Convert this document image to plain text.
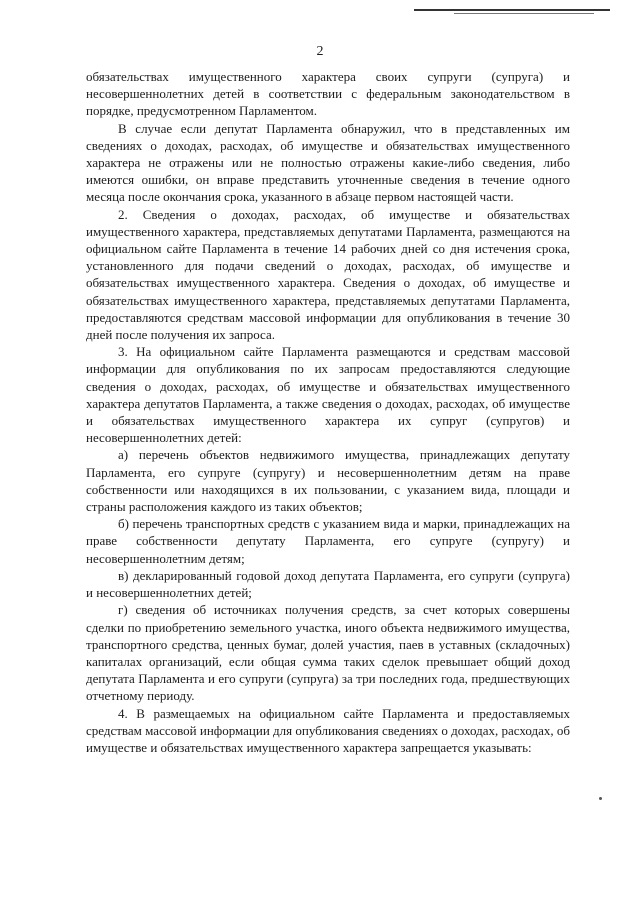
2

обязательствах имущественного характера своих супруги (супруга) и несовершеннолетних детей в соответствии с федеральным законодательством в порядке, предусмотренном Парламентом.

В случае если депутат Парламента обнаружил, что в представленных им сведениях о доходах, расходах, об имуществе и обязательствах имущественного характера не отражены или не полностью отражены какие-либо сведения, либо имеются ошибки, он вправе представить уточненные сведения в течение одного месяца после окончания срока, указанного в абзаце первом настоящей части.

2. Сведения о доходах, расходах, об имуществе и обязательствах имущественного характера, представляемых депутатами Парламента, размещаются на официальном сайте Парламента в течение 14 рабочих дней со дня истечения срока, установленного для подачи сведений о доходах, расходах, об имуществе и обязательствах имущественного характера. Сведения о доходах, об имуществе и обязательствах имущественного характера, представляемых депутатами Парламента, предоставляются средствам массовой информации для опубликования в течение 30 дней после получения их запроса.

3. На официальном сайте Парламента размещаются и средствам массовой информации для опубликования по их запросам предоставляются следующие сведения о доходах, расходах, об имуществе и обязательствах имущественного характера депутатов Парламента, а также сведения о доходах, расходах, об имуществе и обязательствах имущественного характера их супруг (супругов) и несовершеннолетних детей:

а) перечень объектов недвижимого имущества, принадлежащих депутату Парламента, его супруге (супругу) и несовершеннолетним детям на праве собственности или находящихся в их пользовании, с указанием вида, площади и страны расположения каждого из таких объектов;

б) перечень транспортных средств с указанием вида и марки, принадлежащих на праве собственности депутату Парламента, его супруге (супругу) и несовершеннолетним детям;

в) декларированный годовой доход депутата Парламента, его супруги (супруга) и несовершеннолетних детей;

г) сведения об источниках получения средств, за счет которых совершены сделки по приобретению земельного участка, иного объекта недвижимого имущества, транспортного средства, ценных бумаг, долей участия, паев в уставных (складочных) капиталах организаций, если общая сумма таких сделок превышает общий доход депутата Парламента и его супруги (супруга) за три последних года, предшествующих отчетному периоду.

4. В размещаемых на официальном сайте Парламента и предоставляемых средствам массовой информации для опубликования сведениях о доходах, расходах, об имуществе и обязательствах имущественного характера запрещается указывать:
